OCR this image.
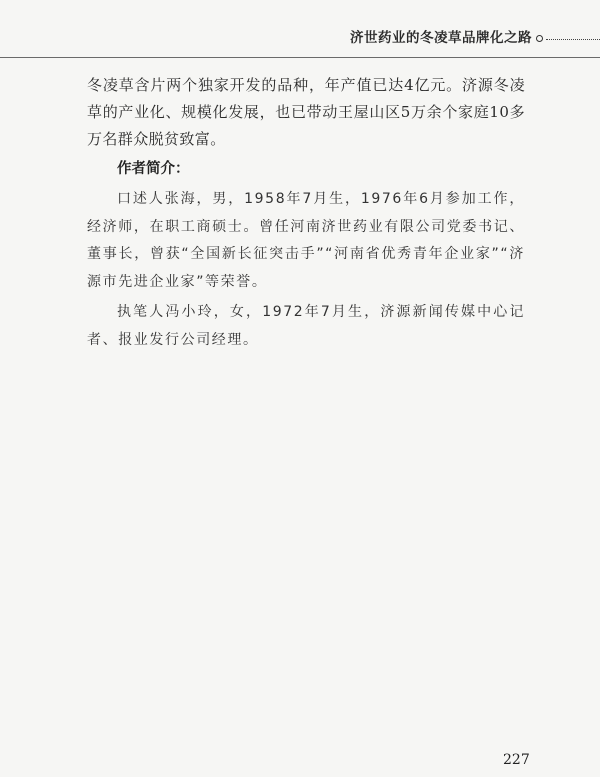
济世药业的冬凌草品牌化之路

冬凌草含片两个独家开发的品种，年产值已达4亿元。济源冬凌草的产业化、规模化发展，也已带动王屋山区5万余个家庭10多万名群众脱贫致富。

作者简介：

口述人张海，男，1958年7月生，1976年6月参加工作，经济师，在职工商硕士。曾任河南济世药业有限公司党委书记、董事长，曾获“全国新长征突击手”“河南省优秀青年企业家”“济源市先进企业家”等荣誉。

执笔人冯小玲，女，1972年7月生，济源新闻传媒中心记者、报业发行公司经理。

227
